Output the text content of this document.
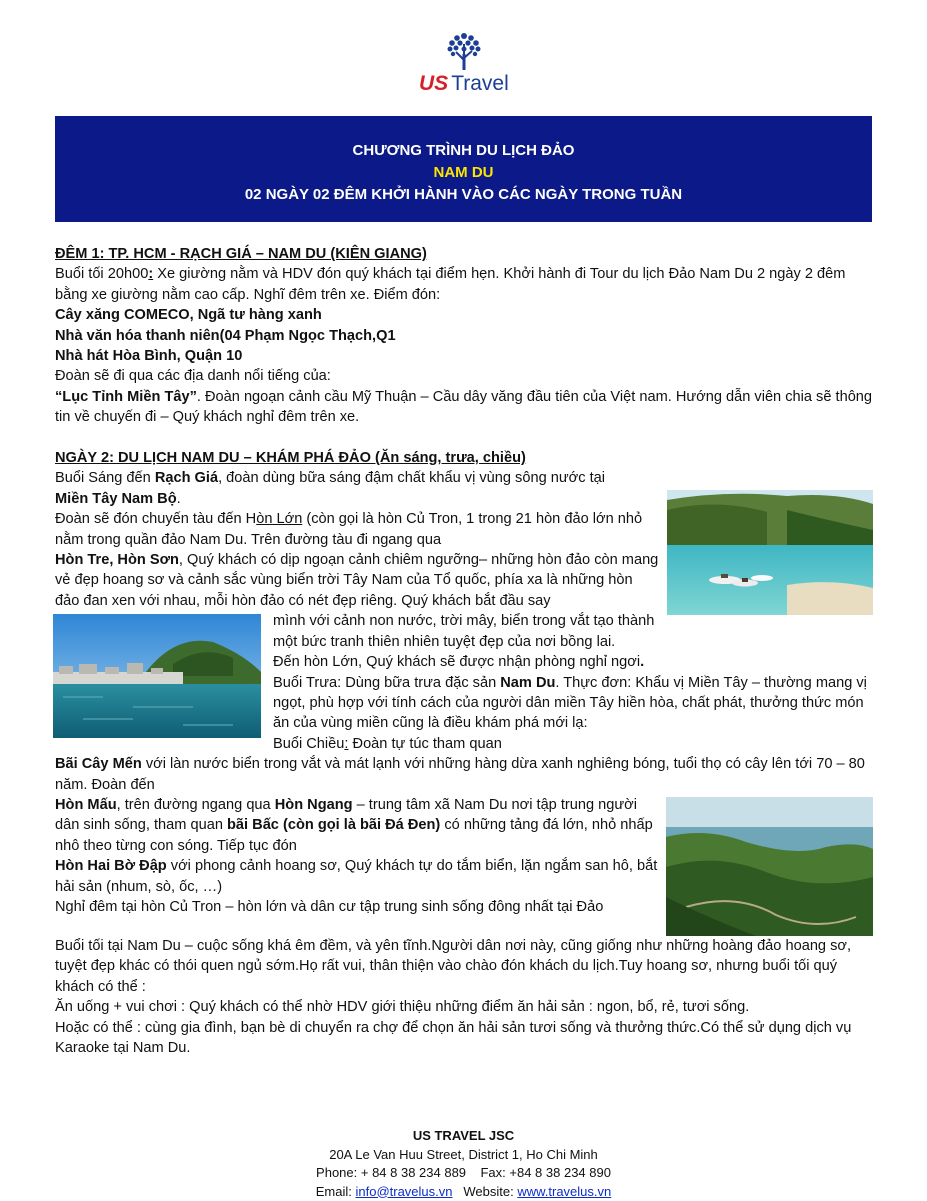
US Travel
CHƯƠNG TRÌNH DU LỊCH ĐẢO
NAM DU
02 NGÀY 02 ĐÊM KHỞI HÀNH VÀO CÁC NGÀY TRONG TUẦN

ĐÊM 1: TP. HCM - RẠCH GIÁ – NAM DU (KIÊN GIANG)

Buổi tối 20h00: Xe giường nằm và HDV đón quý khách tại điểm hẹn. Khởi hành đi Tour du lịch Đảo Nam Du 2 ngày 2 đêm bằng xe giường nằm cao cấp. Nghĩ đêm trên xe. Điểm đón:

Cây xăng COMECO, Ngã tư hàng xanh

Nhà văn hóa thanh niên(04 Phạm Ngọc Thạch,Q1

Nhà hát Hòa Bình, Quận 10

Đoàn sẽ đi qua các địa danh nổi tiếng của:

“Lục Tỉnh Miền Tây”. Đoàn ngoạn cảnh cầu Mỹ Thuận – Cầu dây văng đầu tiên của Việt nam. Hướng dẫn viên chia sẽ thông tin về chuyến đi – Quý khách nghỉ đêm trên xe.

NGÀY 2: DU LỊCH NAM DU – KHÁM PHÁ ĐẢO (Ăn sáng, trưa, chiều)

Buổi Sáng đến Rạch Giá, đoàn dùng bữa sáng đậm chất khẩu vị vùng sông nước tại

Miền Tây Nam Bộ.

Đoàn sẽ đón chuyến tàu đến Hòn Lớn (còn gọi là hòn Củ Tron, 1 trong 21 hòn đảo lớn nhỏ nằm trong quần đảo Nam Du. Trên đường tàu đi ngang qua

Hòn Tre, Hòn Sơn, Quý khách có dịp ngoạn cảnh chiêm ngưỡng– những hòn đảo còn mang vẻ đẹp hoang sơ và cảnh sắc vùng biển trời Tây Nam của Tổ quốc, phía xa là những hòn đảo đan xen với nhau, mỗi hòn đảo có nét đẹp riêng. Quý khách bắt đầu say

mình với cảnh non nước, trời mây, biển trong vắt tạo thành một bức tranh thiên nhiên tuyệt đẹp của nơi bồng lai.

Đến hòn Lớn, Quý khách sẽ được nhận phòng nghỉ ngơi.

Buổi Trưa: Dùng bữa trưa đặc sản Nam Du. Thực đơn: Khẩu vị Miền Tây – thường mang vị ngọt, phù hợp với tính cách của người dân miền Tây hiền hòa, chất phát, thưởng thức món ăn của vùng miền cũng là điều khám phá mới lạ:

Buổi Chiều: Đoàn tự túc tham quan

Bãi Cây Mến với làn nước biển trong vắt và mát lạnh với những hàng dừa xanh nghiêng bóng, tuổi thọ có cây lên tới 70 – 80 năm. Đoàn đến

Hòn Mấu, trên đường ngang qua Hòn Ngang – trung tâm xã Nam Du nơi tập trung người dân sinh sống, tham quan bãi Bấc (còn gọi là bãi Đá Đen) có những tảng đá lớn, nhỏ nhấp nhô theo từng con sóng. Tiếp tục đón

Hòn Hai Bờ Đập với phong cảnh hoang sơ, Quý khách tự do tắm biển, lặn ngắm san hô, bắt hải sản (nhum, sò, ốc, …)

Nghỉ đêm tại hòn Củ Tron – hòn lớn và dân cư tập trung sinh sống đông nhất tại Đảo

Buổi tối tại Nam Du – cuộc sống khá êm đềm, và yên tĩnh.Người dân nơi này, cũng giống như những hoàng đảo hoang sơ, tuyệt đẹp khác có thói quen ngủ sớm.Họ rất vui, thân thiện vào chào đón khách du lịch.Tuy hoang sơ, nhưng buổi tối quý khách có thể :

Ăn uống + vui chơi : Quý khách có thể nhờ HDV giới thiệu những điểm ăn hải sản : ngon, bổ, rẻ, tươi sống.

Hoặc có thể : cùng gia đình, bạn bè di chuyển ra chợ để chọn ăn hải sản tươi sống và thưởng thức.Có thể sử dụng dịch vụ Karaoke tại Nam Du.

US TRAVEL JSC
20A Le Van Huu Street, District 1, Ho Chi Minh
Phone: + 84 8 38 234 889    Fax: +84 8 38 234 890
Email: info@travelus.vn   Website: www.travelus.vn
